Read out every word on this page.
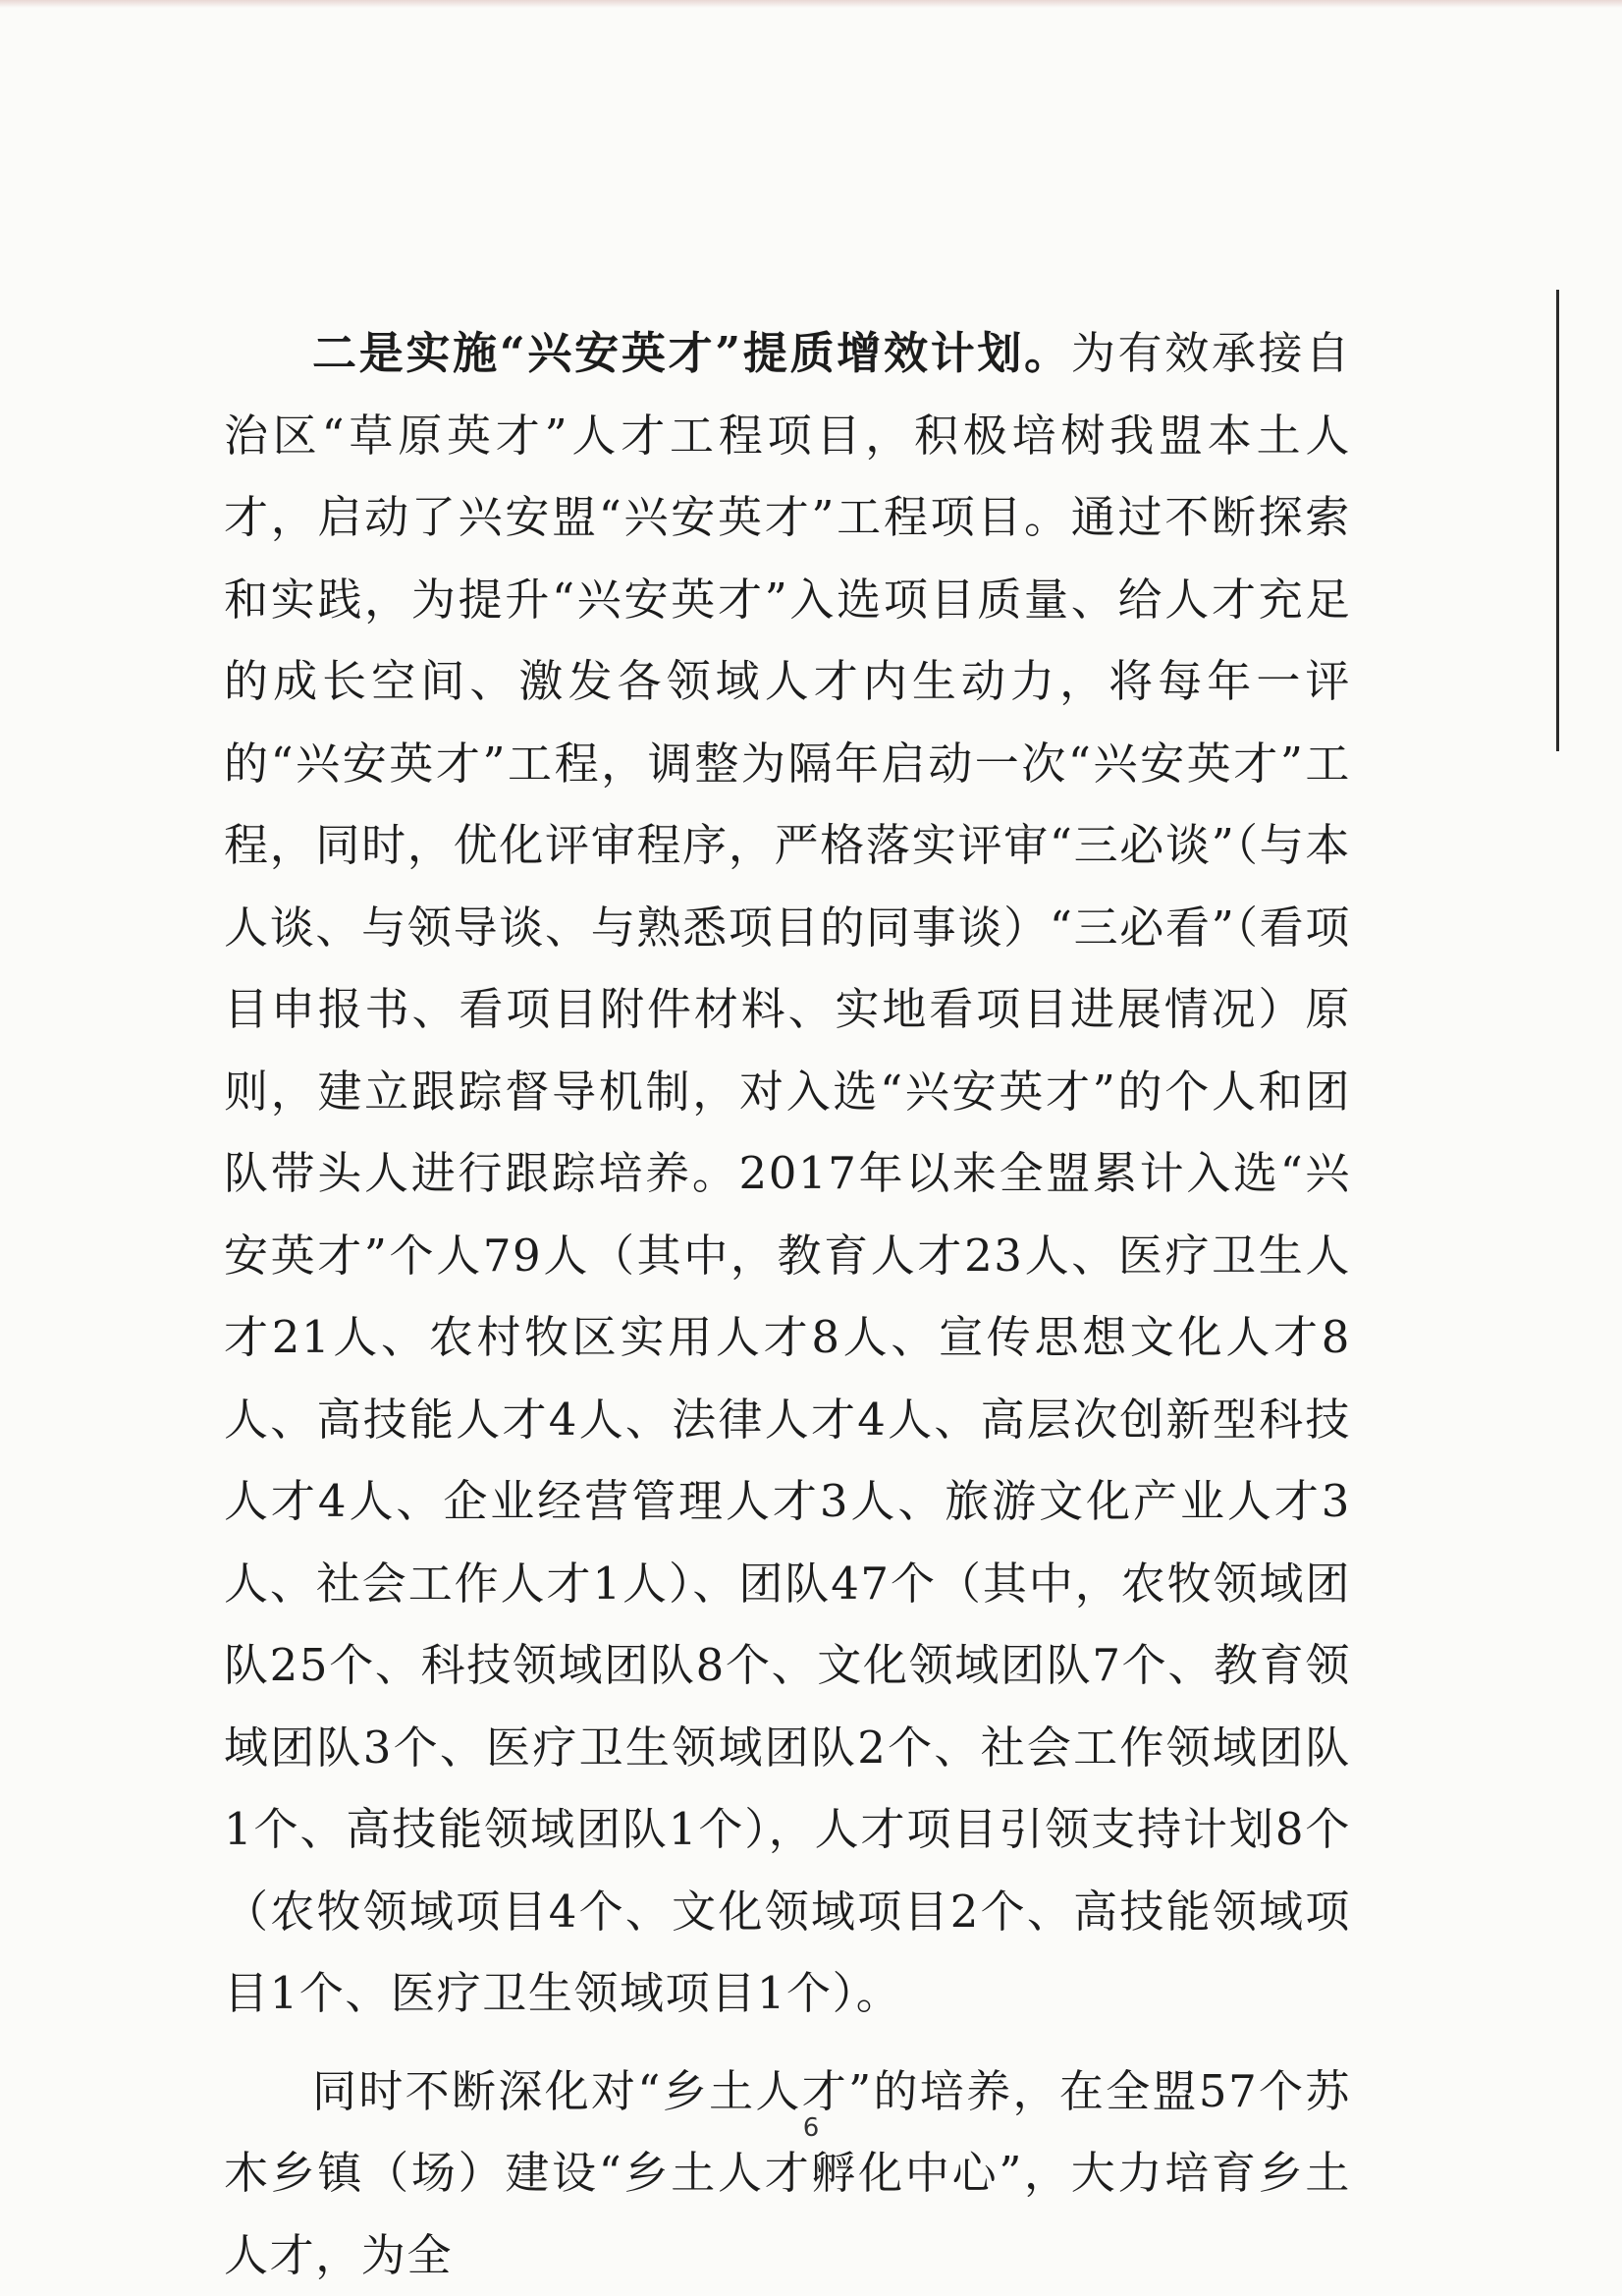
二是实施“兴安英才”提质增效计划。为有效承接自治区“草原英才”人才工程项目，积极培树我盟本土人才，启动了兴安盟“兴安英才”工程项目。通过不断探索和实践，为提升“兴安英才”入选项目质量、给人才充足的成长空间、激发各领域人才内生动力，将每年一评的“兴安英才”工程，调整为隔年启动一次“兴安英才”工程，同时，优化评审程序，严格落实评审“三必谈”（与本人谈、与领导谈、与熟悉项目的同事谈）“三必看”（看项目申报书、看项目附件材料、实地看项目进展情况）原则，建立跟踪督导机制，对入选“兴安英才”的个人和团队带头人进行跟踪培养。2017年以来全盟累计入选“兴安英才”个人79人（其中，教育人才23人、医疗卫生人才21人、农村牧区实用人才8人、宣传思想文化人才8人、高技能人才4人、法律人才4人、高层次创新型科技人才4人、企业经营管理人才3人、旅游文化产业人才3人、社会工作人才1人）、团队47个（其中，农牧领域团队25个、科技领域团队8个、文化领域团队7个、教育领域团队3个、医疗卫生领域团队2个、社会工作领域团队1个、高技能领域团队1个），人才项目引领支持计划8个（农牧领域项目4个、文化领域项目2个、高技能领域项目1个、医疗卫生领域项目1个）。

同时不断深化对“乡土人才”的培养，在全盟57个苏木乡镇（场）建设“乡土人才孵化中心”，大力培育乡土人才，为全

6
